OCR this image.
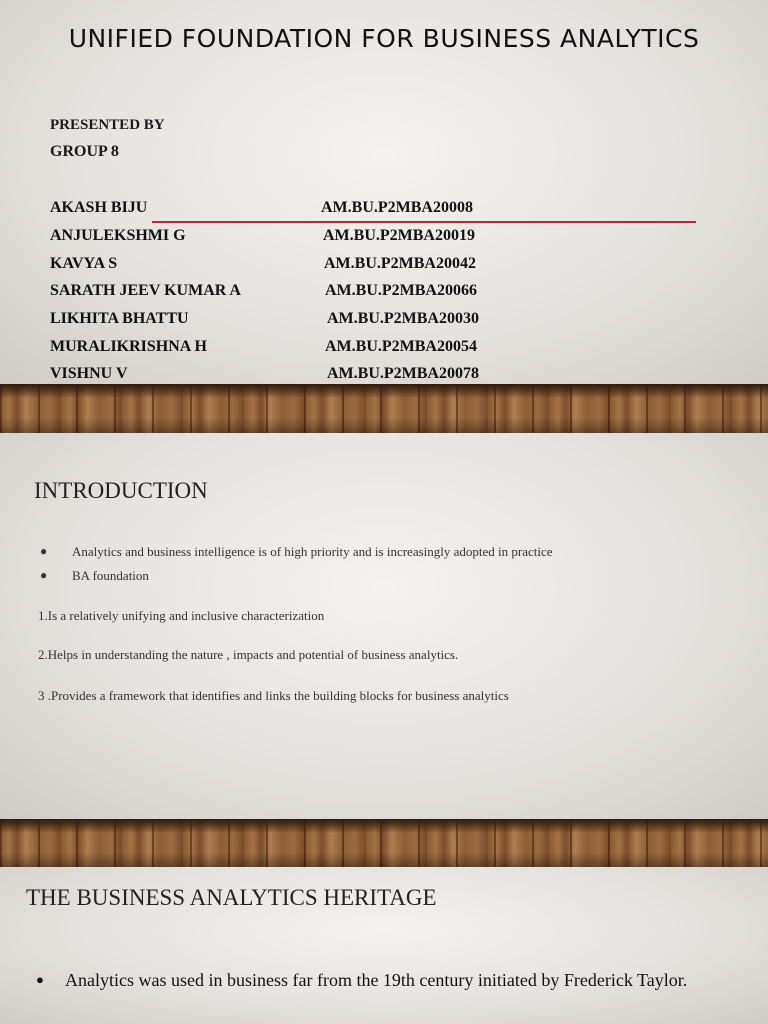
UNIFIED FOUNDATION FOR BUSINESS ANALYTICS
PRESENTED BY
GROUP 8
AKASH BIJU	AM.BU.P2MBA20008
ANJULEKSHMI G	AM.BU.P2MBA20019
KAVYA S	AM.BU.P2MBA20042
SARATH JEEV KUMAR A	AM.BU.P2MBA20066
LIKHITA BHATTU	AM.BU.P2MBA20030
MURALIKRISHNA H	AM.BU.P2MBA20054
VISHNU V	AM.BU.P2MBA20078
INTRODUCTION
● Analytics and business intelligence is of high priority and is increasingly adopted in practice
● BA foundation
1.Is a relatively unifying and inclusive characterization
2.Helps in understanding the nature , impacts and potential of business analytics.
3 .Provides a framework that identifies and links the building blocks for business analytics
THE BUSINESS ANALYTICS HERITAGE
● Analytics was used in business far from the 19th century initiated by Frederick Taylor.
